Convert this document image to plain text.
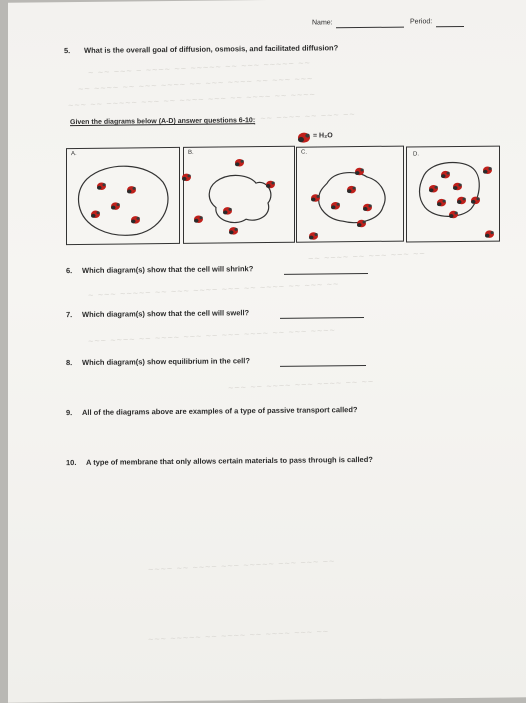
~ ~~ ~~~ ~ ~~~~ ~~ ~~~~~ ~~ ~~~ ~~~~~ ~~
~~ ~~~~ ~~ ~~~ ~~~~ ~~ ~~~ ~~~~ ~~ ~~~ ~~~
~~~ ~~ ~~~~~ ~~~ ~~ ~~~~ ~~~ ~~ ~~~~ ~~ ~~~~
~~~ ~~ ~~~~ ~~ ~~~ ~~
~~ ~~~~ ~~ ~~~ ~~~ ~~
~ ~~~ ~~~~~ ~~ ~~~ ~~~~ ~~~ ~~ ~~~~ ~~ ~~~ ~~
~~~ ~~~~ ~~ ~~~~ ~~~ ~~ ~~~ ~~~~ ~~ ~~~ ~~~~
~~~ ~~ ~~~~ ~~~ ~~~~ ~~ ~~
~~~~ ~~ ~~~~ ~~~ ~~~~~ ~~~ ~~~ ~~
~~~ ~~~~~ ~~ ~~~~ ~~ ~~~~ ~~~ ~~
Name:	Period:
5. What is the overall goal of diffusion, osmosis, and facilitated diffusion?
Given the diagrams below (A-D) answer questions 6-10:
= H₂O
A.	B.	C.	D.
6. Which diagram(s) show that the cell will shrink?
7. Which diagram(s) show that the cell will swell?
8. Which diagram(s) show equilibrium in the cell?
9. All of the diagrams above are examples of a type of passive transport called?
10. A type of membrane that only allows certain materials to pass through is called?
